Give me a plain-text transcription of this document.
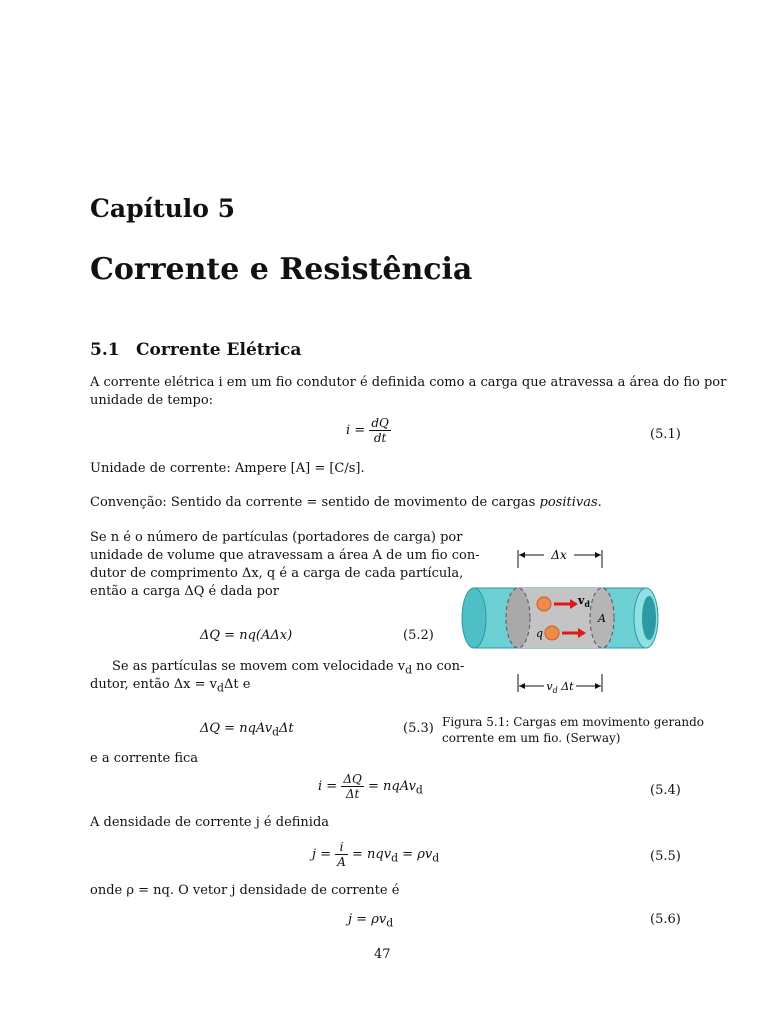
Capítulo 5
Corrente e Resistência
5.1 Corrente Elétrica

A corrente elétrica i em um fio condutor é definida como a carga que atravessa a área do fio por

unidade de tempo:

$i = \frac{dQ}{dt}$	(5.1)

Unidade de corrente: Ampere [A] = [C/s].

Convenção: Sentido da corrente = sentido de movimento de cargas positivas.

Se n é o número de partículas (portadores de carga) por

unidade de volume que atravessam a área A de um fio con-

dutor de comprimento Δx, q é a carga de cada partícula,

então a carga ΔQ é dada por

ΔQ = nq(AΔx)	(5.2)

Se as partículas se movem com velocidade $v_d$ no con-

dutor, então $\Delta x = v_d\Delta t$ e

ΔQ = nqAv$_d$Δt	(5.3)
Δx
$v_d$
A
q
$v_d$ Δt
Figura 5.1: Cargas em movimento gerando
corrente em um fio. (Serway)

e a corrente fica

$i = \frac{\Delta Q}{\Delta t}$ = nqAv$_d$	(5.4)

A densidade de corrente j é definida

$j = \frac{i}{A} = nqv_d = \rho v_d$	(5.5)

onde ρ = nq. O vetor j densidade de corrente é

$j = \rho v_d$	(5.6)
47
